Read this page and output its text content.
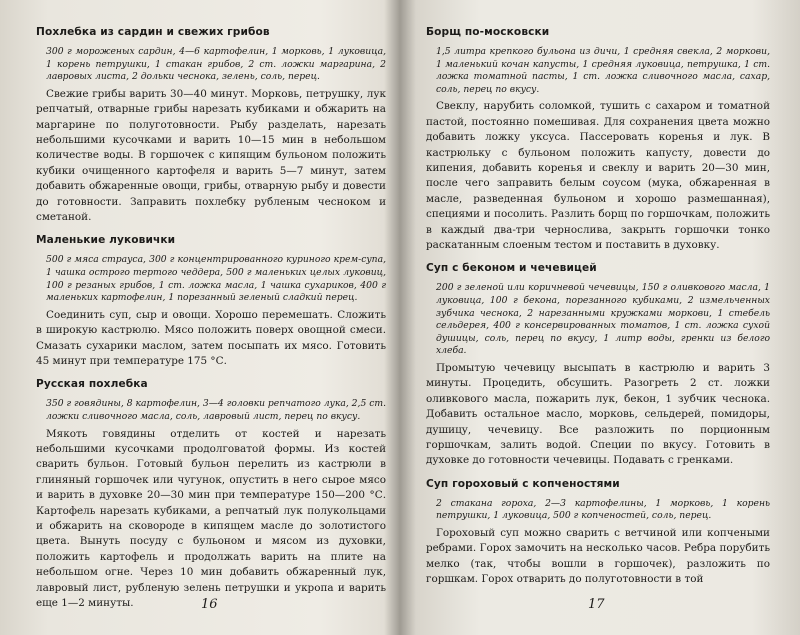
Похлебка из сардин и свежих грибов

300 г мороженых сардин, 4—6 картофелин, 1 морковь, 1 луковица, 1 корень петрушки, 1 стакан грибов, 2 ст. ложки маргарина, 2 лавровых листа, 2 дольки чеснока, зелень, соль, перец.

Свежие грибы варить 30—40 минут. Морковь, петрушку, лук репчатый, отварные грибы нарезать кубиками и обжарить на маргарине по полуготовности. Рыбу разделать, нарезать небольшими кусочками и варить 10—15 мин в небольшом количестве воды. В горшочек с кипящим бульоном положить кубики очищенного картофеля и варить 5—7 минут, затем добавить обжаренные овощи, грибы, отварную рыбу и довести до готовности. Заправить похлебку рубленым чесноком и сметаной.

Маленькие луковички

500 г мяса страуса, 300 г концентрированного куриного крем-супа, 1 чашка острого тертого чеддера, 500 г маленьких целых луковиц, 100 г резаных грибов, 1 ст. ложка масла, 1 чашка сухариков, 400 г маленьких картофелин, 1 порезанный зеленый сладкий перец.

Соединить суп, сыр и овощи. Хорошо перемешать. Сложить в широкую кастрюлю. Мясо положить поверх овощной смеси. Смазать сухарики маслом, затем посыпать их мясо. Готовить 45 минут при температуре 175 °С.

Русская похлебка

350 г говядины, 8 картофелин, 3—4 головки репчатого лука, 2,5 ст. ложки сливочного масла, соль, лавровый лист, перец по вкусу.

Мякоть говядины отделить от костей и нарезать небольшими кусочками продолговатой формы. Из костей сварить бульон. Готовый бульон перелить из кастрюли в глиняный горшочек или чугунок, опустить в него сырое мясо и варить в духовке 20—30 мин при температуре 150—200 °С. Картофель нарезать кубиками, а репчатый лук полукольцами и обжарить на сковороде в кипящем масле до золотистого цвета. Вынуть посуду с бульоном и мясом из духовки, положить картофель и продолжать варить на плите на небольшом огне. Через 10 мин добавить обжаренный лук, лавровый лист, рубленую зелень петрушки и укропа и варить еще 1—2 минуты.	16
Борщ по-московски

1,5 литра крепкого бульона из дичи, 1 средняя свекла, 2 моркови, 1 маленький кочан капусты, 1 средняя луковица, петрушка, 1 ст. ложка томатной пасты, 1 ст. ложка сливочного масла, сахар, соль, перец по вкусу.

Свеклу, нарубить соломкой, тушить с сахаром и томатной пастой, постоянно помешивая. Для сохранения цвета можно добавить ложку уксуса. Пассеровать коренья и лук. В кастрюльку с бульоном положить капусту, довести до кипения, добавить коренья и свеклу и варить 20—30 мин, после чего заправить белым соусом (мука, обжаренная в масле, разведенная бульоном и хорошо размешанная), специями и посолить. Разлить борщ по горшочкам, положить в каждый два-три чернослива, закрыть горшочки тонко раскатанным слоеным тестом и поставить в духовку.

Суп с беконом и чечевицей

200 г зеленой или коричневой чечевицы, 150 г оливкового масла, 1 луковица, 100 г бекона, порезанного кубиками, 2 измельченных зубчика чеснока, 2 нарезанными кружками моркови, 1 стебель сельдерея, 400 г консервированных томатов, 1 ст. ложка сухой душицы, соль, перец по вкусу, 1 литр воды, гренки из белого хлеба.

Промытую чечевицу высыпать в кастрюлю и варить 3 минуты. Процедить, обсушить. Разогреть 2 ст. ложки оливкового масла, пожарить лук, бекон, 1 зубчик чеснока. Добавить остальное масло, морковь, сельдерей, помидоры, душицу, чечевицу. Все разложить по порционным горшочкам, залить водой. Специи по вкусу. Готовить в духовке до готовности чечевицы. Подавать с гренками.

Суп гороховый с копченостями

2 стакана гороха, 2—3 картофелины, 1 морковь, 1 корень петрушки, 1 луковица, 500 г копченостей, соль, перец.

Гороховый суп можно сварить с ветчиной или копчеными ребрами. Горох замочить на несколько часов. Ребра порубить мелко (так, чтобы вошли в горшочек), разложить по горшкам. Горох отварить до полуготовности в той

17
